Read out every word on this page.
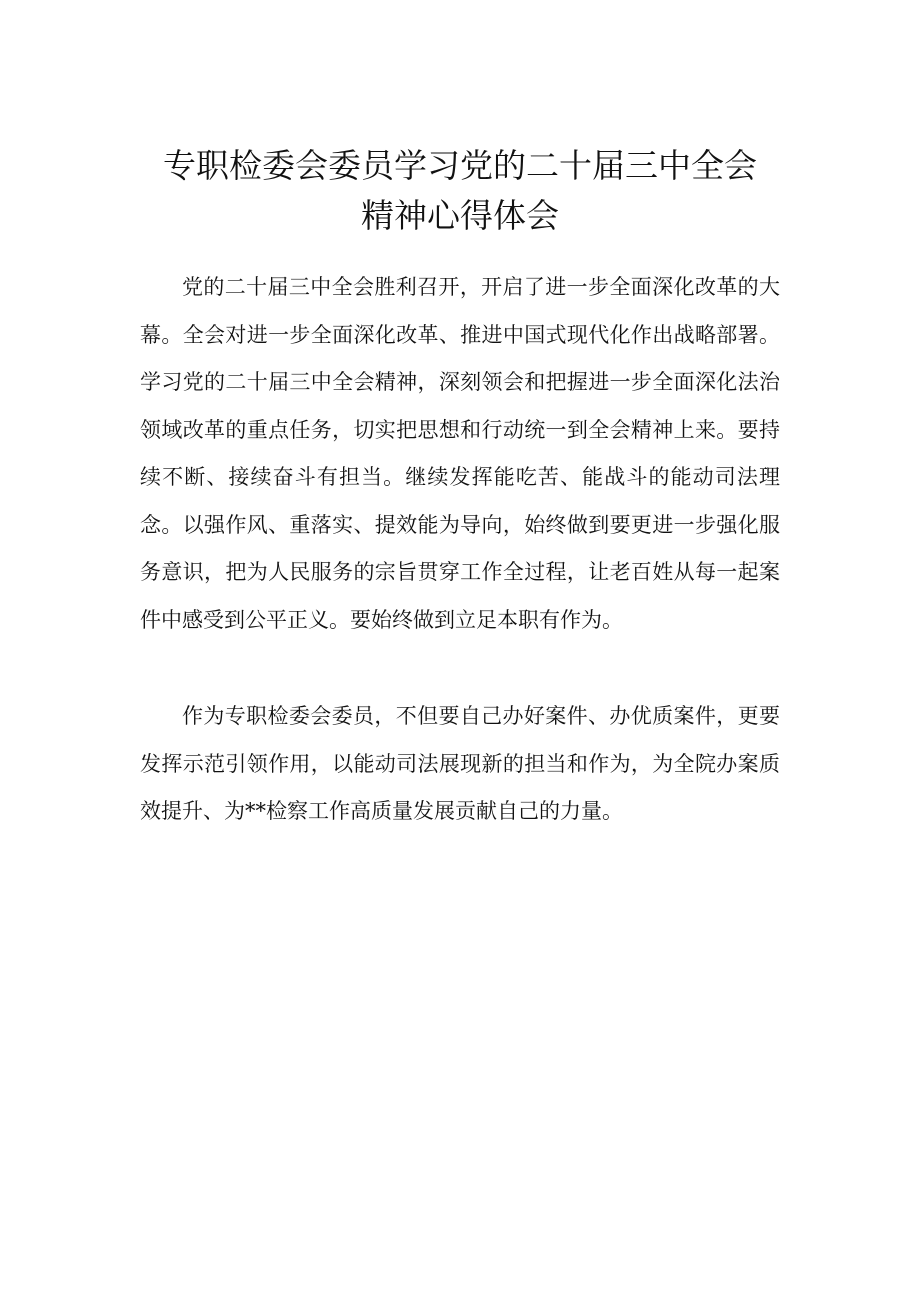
专职检委会委员学习党的二十届三中全会
精神心得体会
党的二十届三中全会胜利召开，开启了进一步全面深化改革的大幕。全会对进一步全面深化改革、推进中国式现代化作出战略部署。学习党的二十届三中全会精神，深刻领会和把握进一步全面深化法治领域改革的重点任务，切实把思想和行动统一到全会精神上来。要持续不断、接续奋斗有担当。继续发挥能吃苦、能战斗的能动司法理念。以强作风、重落实、提效能为导向，始终做到要更进一步强化服务意识，把为人民服务的宗旨贯穿工作全过程，让老百姓从每一起案件中感受到公平正义。要始终做到立足本职有作为。
作为专职检委会委员，不但要自己办好案件、办优质案件，更要发挥示范引领作用，以能动司法展现新的担当和作为，为全院办案质效提升、为**检察工作高质量发展贡献自己的力量。
